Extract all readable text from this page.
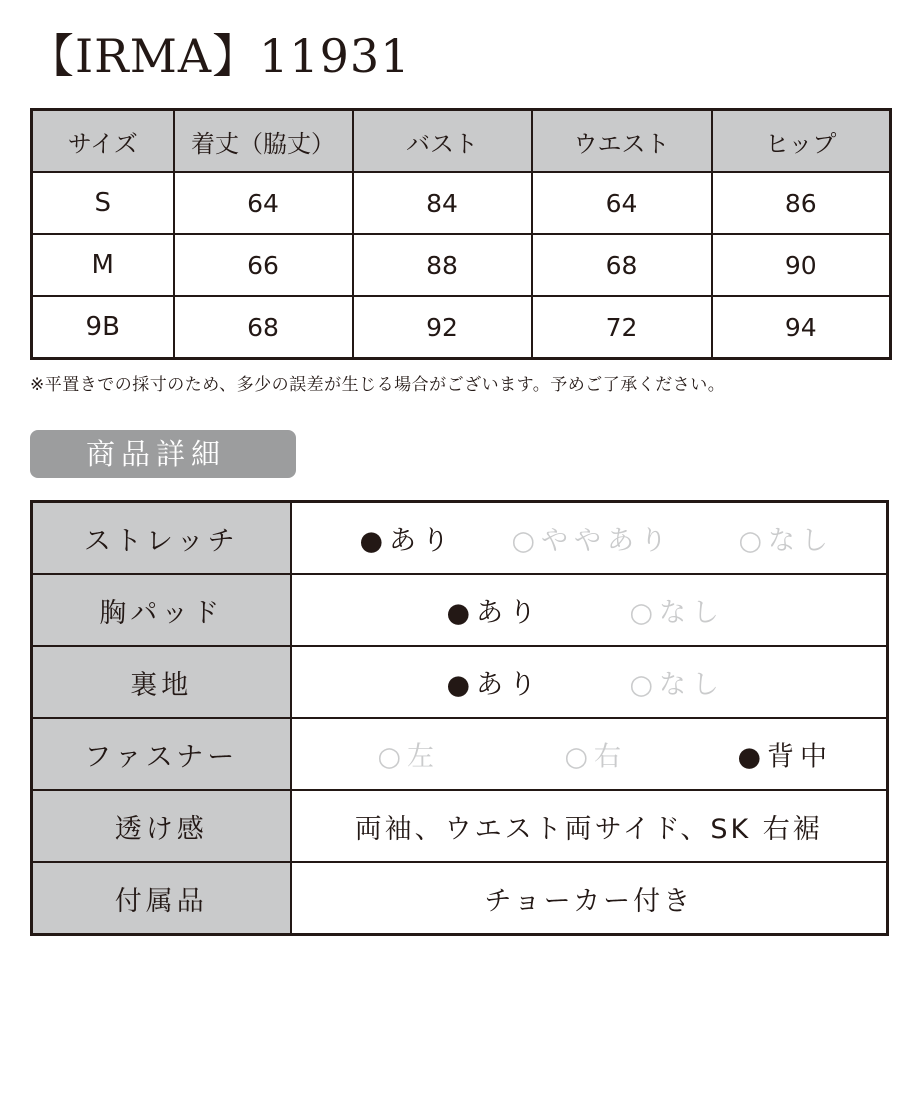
【IRMA】11931
サイズ	着丈（脇丈）	バスト	ウエスト	ヒップ
S	64	84	64	86
M	66	88	68	90
9B	68	92	72	94
※平置きでの採寸のため、多少の誤差が生じる場合がございます。予めご了承ください。
商品詳細
ストレッチ	●あり ○ややあり ○なし

胸パッド	●あり ○なし

裏地	●あり ○なし

ファスナー	○左 ○右 ●背中

透け感	両袖、ウエスト両サイド、SK 右裾
付属品	チョーカー付き
